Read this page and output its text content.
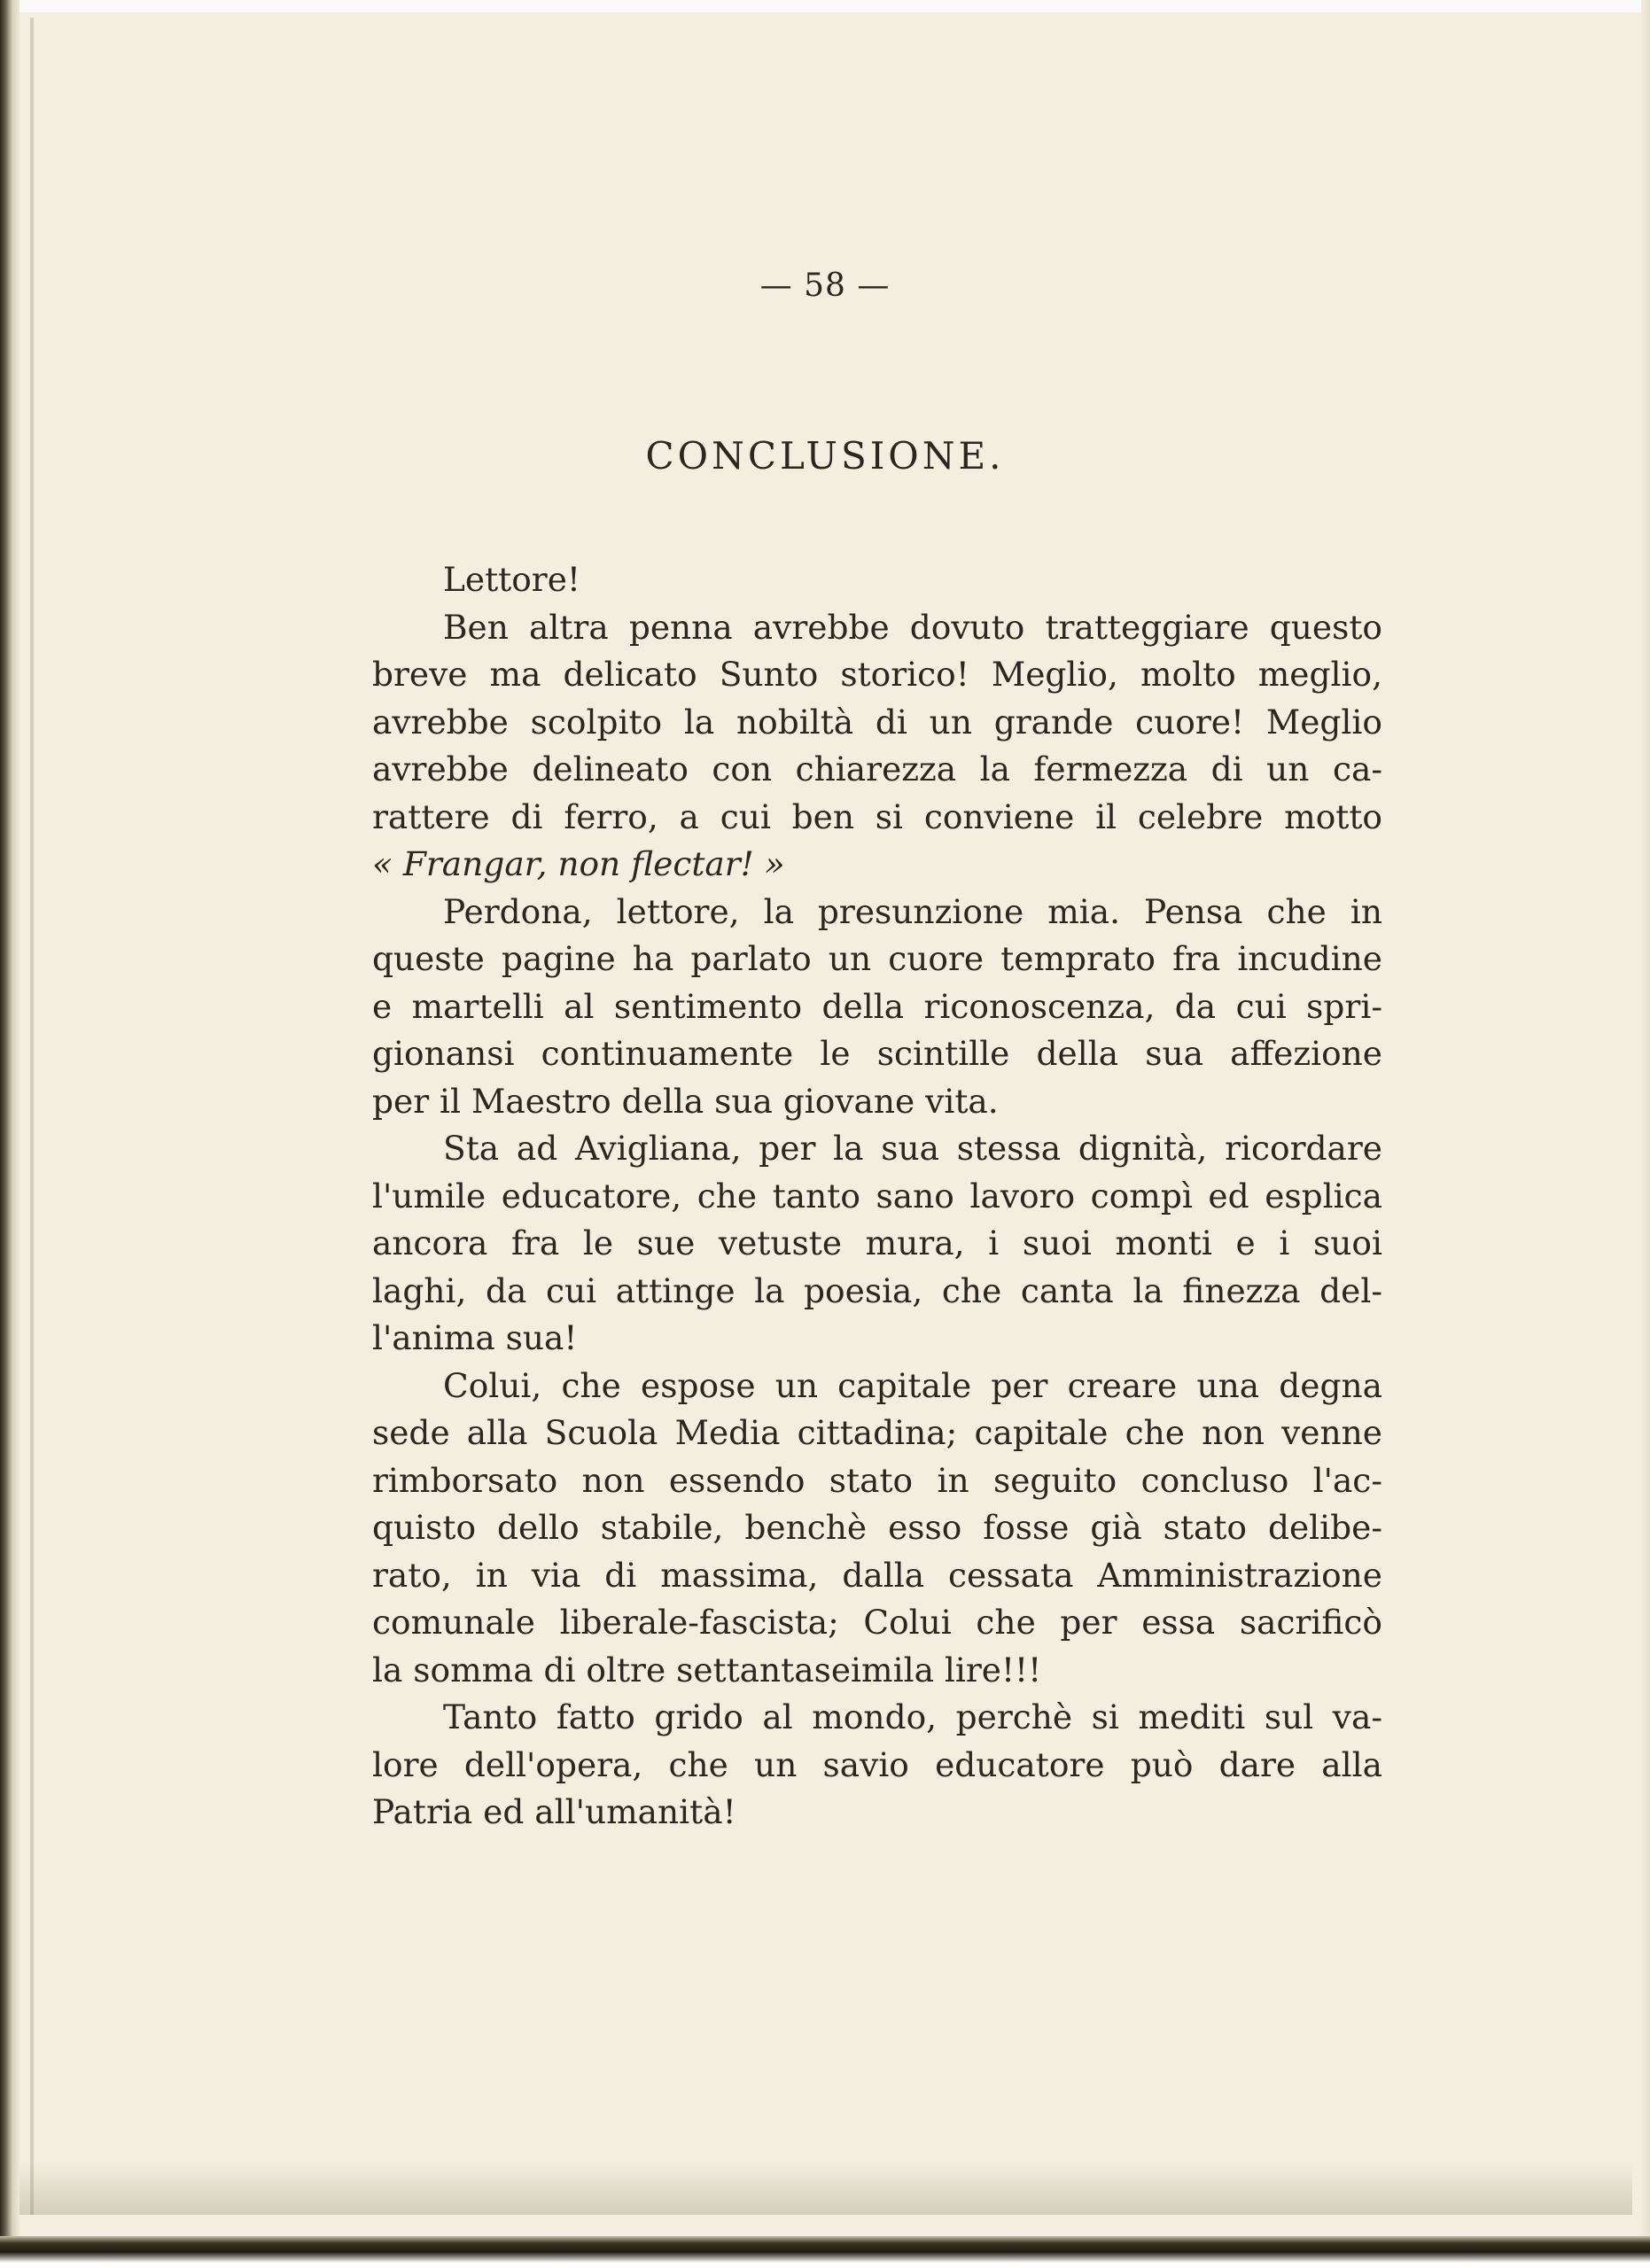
— 58 —
CONCLUSIONE.
Lettore!
Ben altra penna avrebbe dovuto tratteggiare questo
breve ma delicato Sunto storico! Meglio, molto meglio,
avrebbe scolpito la nobiltà di un grande cuore! Meglio
avrebbe delineato con chiarezza la fermezza di un ca-
rattere di ferro, a cui ben si conviene il celebre motto
« Frangar, non flectar! »
Perdona, lettore, la presunzione mia. Pensa che in
queste pagine ha parlato un cuore temprato fra incudine
e martelli al sentimento della riconoscenza, da cui spri-
gionansi continuamente le scintille della sua affezione
per il Maestro della sua giovane vita.
Sta ad Avigliana, per la sua stessa dignità, ricordare
l'umile educatore, che tanto sano lavoro compì ed esplica
ancora fra le sue vetuste mura, i suoi monti e i suoi
laghi, da cui attinge la poesia, che canta la finezza del-
l'anima sua!
Colui, che espose un capitale per creare una degna
sede alla Scuola Media cittadina; capitale che non venne
rimborsato non essendo stato in seguito concluso l'ac-
quisto dello stabile, benchè esso fosse già stato delibe-
rato, in via di massima, dalla cessata Amministrazione
comunale liberale-fascista; Colui che per essa sacrificò
la somma di oltre settantaseimila lire!!!
Tanto fatto grido al mondo, perchè si mediti sul va-
lore dell'opera, che un savio educatore può dare alla
Patria ed all'umanità!
